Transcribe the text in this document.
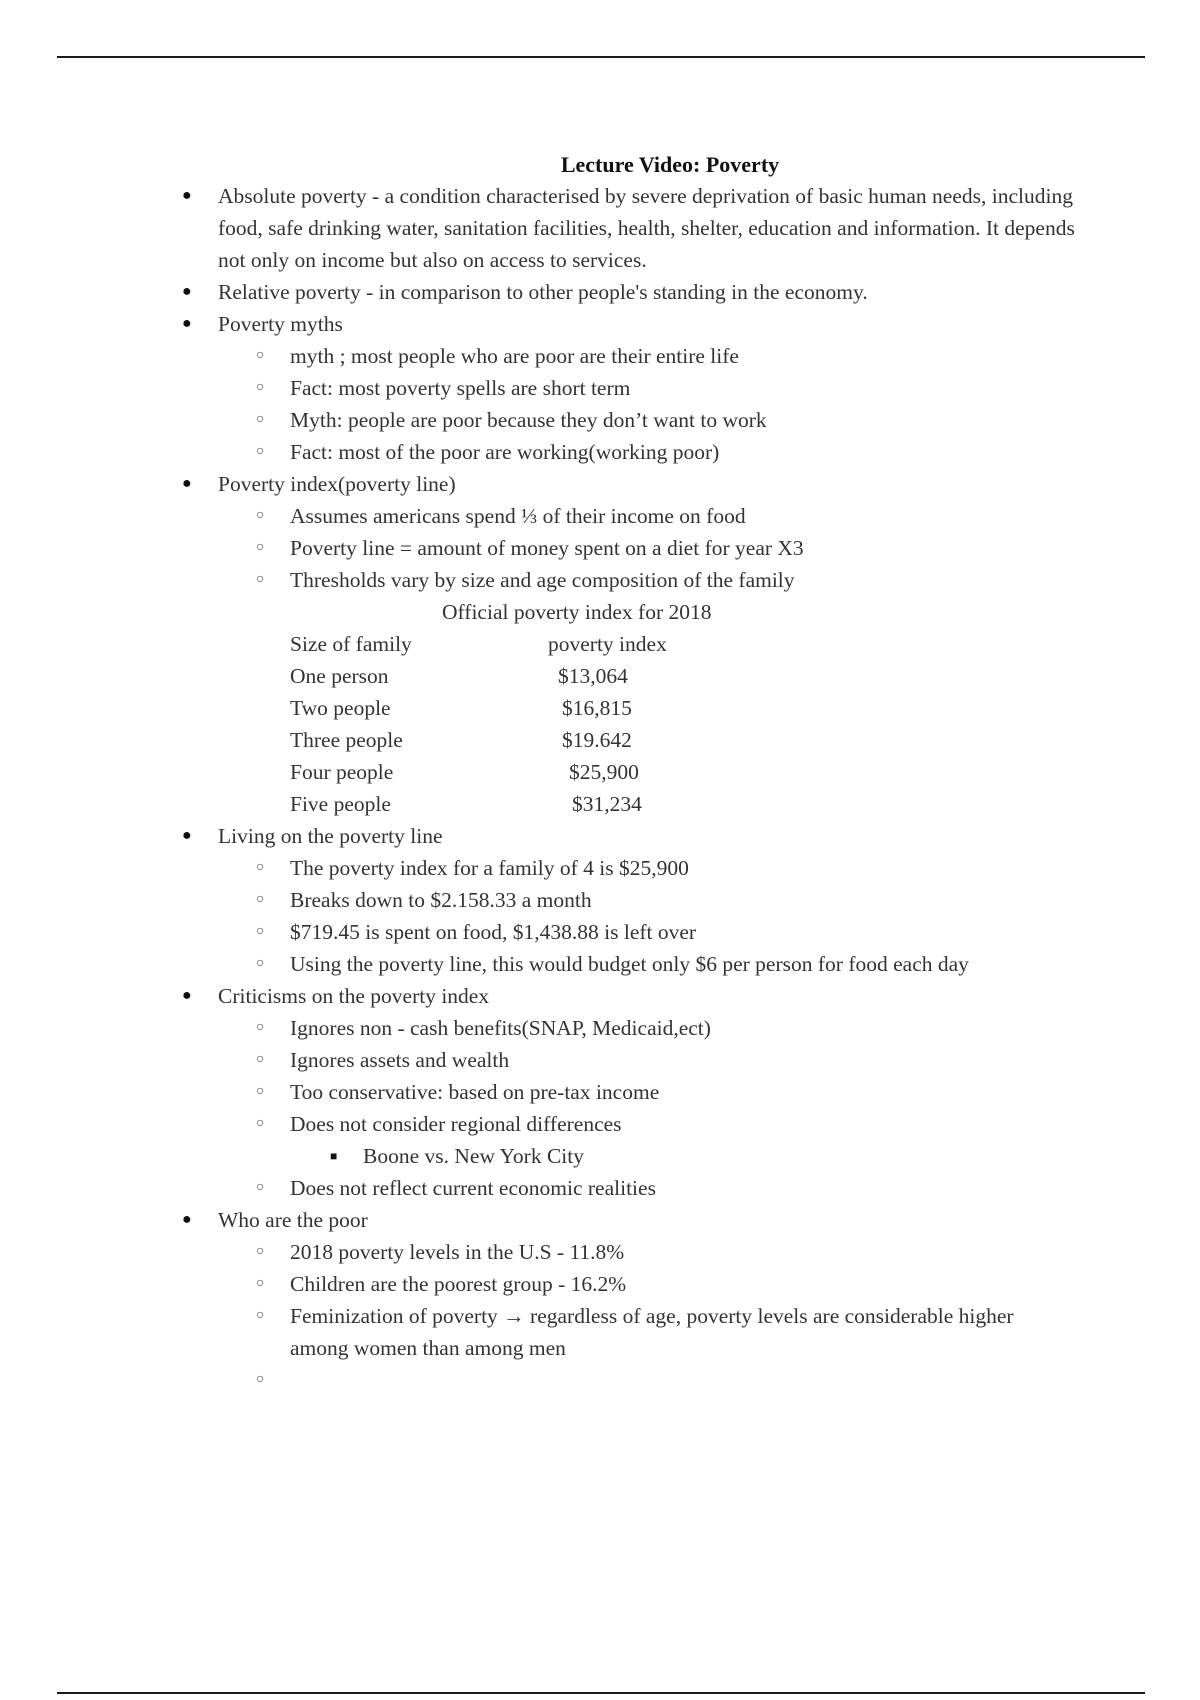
Lecture Video: Poverty
● Absolute poverty - a condition characterised by severe deprivation of basic human needs, including food, safe drinking water, sanitation facilities, health, shelter, education and information. It depends not only on income but also on access to services.
● Relative poverty - in comparison to other people's standing in the economy.
● Poverty myths
○ myth ; most people who are poor are their entire life
○ Fact: most poverty spells are short term
○ Myth: people are poor because they don’t want to work
○ Fact: most of the poor are working(working poor)
● Poverty index(poverty line)
○ Assumes americans spend ⅓ of their income on food
○ Poverty line = amount of money spent on a diet for year X3
○ Thresholds vary by size and age composition of the family
Official poverty index for 2018
Size of family	poverty index
One person	$13,064
Two people	$16,815
Three people	$19.642
Four people	$25,900
Five people	$31,234
● Living on the poverty line
○ The poverty index for a family of 4 is $25,900
○ Breaks down to $2.158.33 a month
○ $719.45 is spent on food, $1,438.88 is left over
○ Using the poverty line, this would budget only $6 per person for food each day
● Criticisms on the poverty index
○ Ignores non - cash benefits(SNAP, Medicaid,ect)
○ Ignores assets and wealth
○ Too conservative: based on pre-tax income
○ Does not consider regional differences
■ Boone vs. New York City
○ Does not reflect current economic realities
● Who are the poor
○ 2018 poverty levels in the U.S - 11.8%
○ Children are the poorest group - 16.2%
○ Feminization of poverty → regardless of age, poverty levels are considerable higher among women than among men
○
